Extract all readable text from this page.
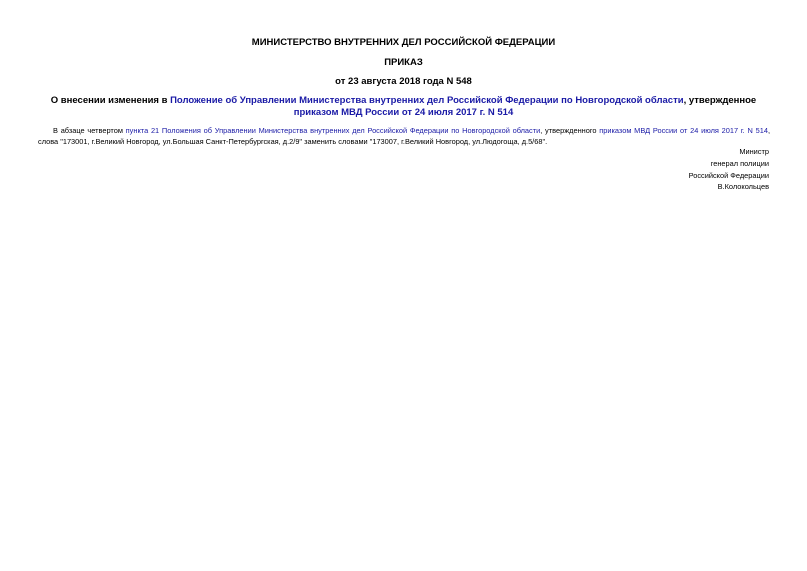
МИНИСТЕРСТВО ВНУТРЕННИХ ДЕЛ РОССИЙСКОЙ ФЕДЕРАЦИИ
ПРИКАЗ
от 23 августа 2018 года N 548
О внесении изменения в Положение об Управлении Министерства внутренних дел Российской Федерации по Новгородской области, утвержденное приказом МВД России от 24 июля 2017 г. N 514
В абзаце четвертом пункта 21 Положения об Управлении Министерства внутренних дел Российской Федерации по Новгородской области, утвержденного приказом МВД России от 24 июля 2017 г. N 514, слова "173001, г.Великий Новгород, ул.Большая Санкт-Петербургская, д.2/9" заменить словами "173007, г.Великий Новгород, ул.Людогоща, д.5/68".
Министр
генерал полиции
Российской Федерации
В.Колокольцев
